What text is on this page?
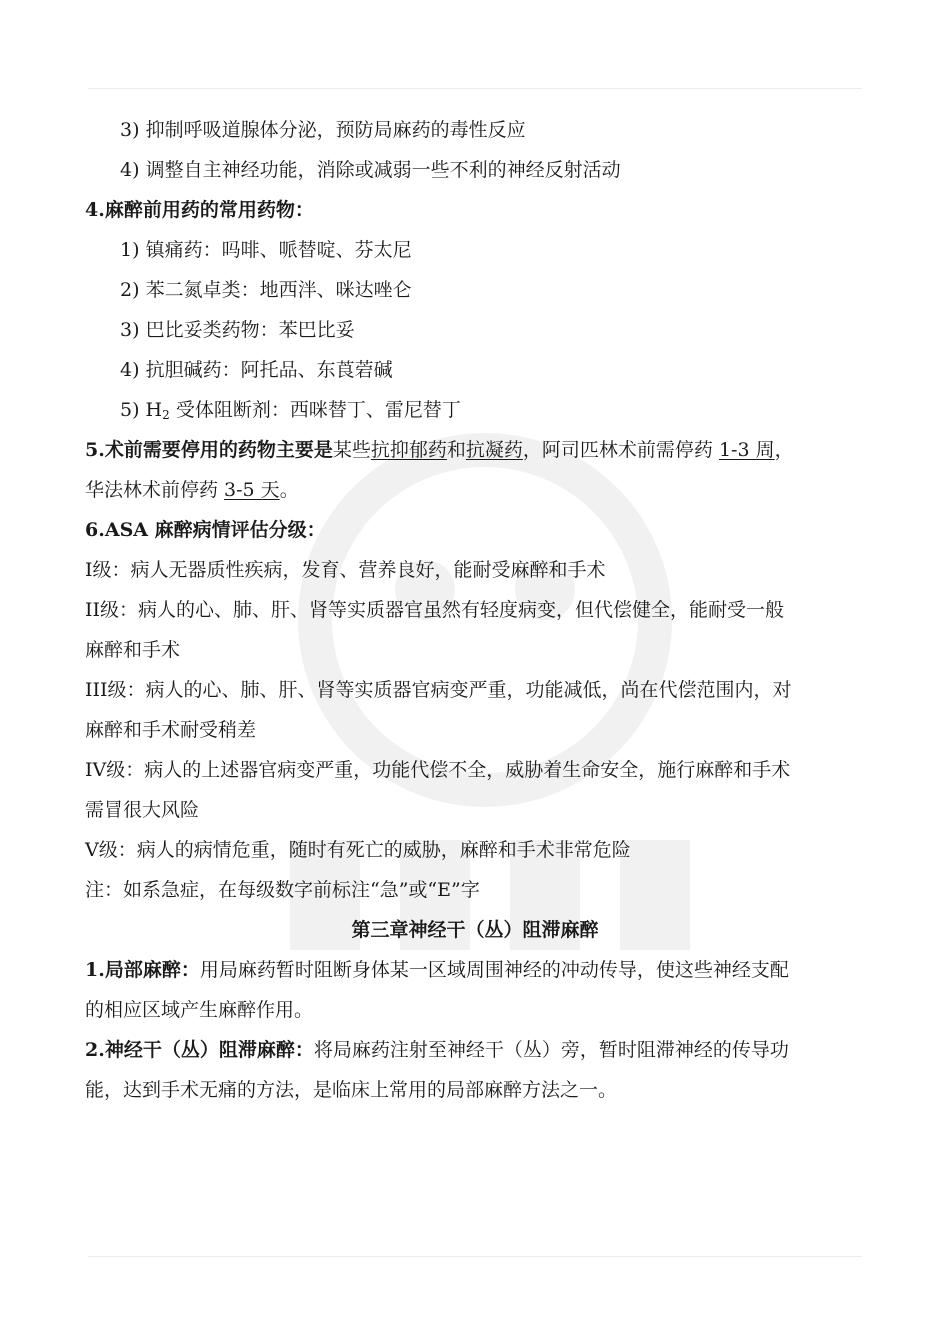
3) 抑制呼吸道腺体分泌，预防局麻药的毒性反应
4) 调整自主神经功能，消除或减弱一些不利的神经反射活动
4.麻醉前用药的常用药物：
1) 镇痛药：吗啡、哌替啶、芬太尼
2) 苯二氮卓类：地西泮、咪达唑仑
3) 巴比妥类药物：苯巴比妥
4) 抗胆碱药：阿托品、东莨菪碱
5) $H_2$ 受体阻断剂：西咪替丁、雷尼替丁
5.术前需要停用的药物主要是某些抗抑郁药和抗凝药，阿司匹林术前需停药 1-3 周，
华法林术前停药 3-5 天。
6.ASA 麻醉病情评估分级：
I级：病人无器质性疾病，发育、营养良好，能耐受麻醉和手术
II级：病人的心、肺、肝、肾等实质器官虽然有轻度病变，但代偿健全，能耐受一般
麻醉和手术
III级：病人的心、肺、肝、肾等实质器官病变严重，功能减低，尚在代偿范围内，对
麻醉和手术耐受稍差
IV级：病人的上述器官病变严重，功能代偿不全，威胁着生命安全，施行麻醉和手术
需冒很大风险
V级：病人的病情危重，随时有死亡的威胁，麻醉和手术非常危险
注：如系急症，在每级数字前标注“急”或“E”字
第三章神经干（丛）阻滞麻醉
1.局部麻醉：用局麻药暂时阻断身体某一区域周围神经的冲动传导，使这些神经支配
的相应区域产生麻醉作用。
2.神经干（丛）阻滞麻醉：将局麻药注射至神经干（丛）旁，暂时阻滞神经的传导功
能，达到手术无痛的方法，是临床上常用的局部麻醉方法之一。
